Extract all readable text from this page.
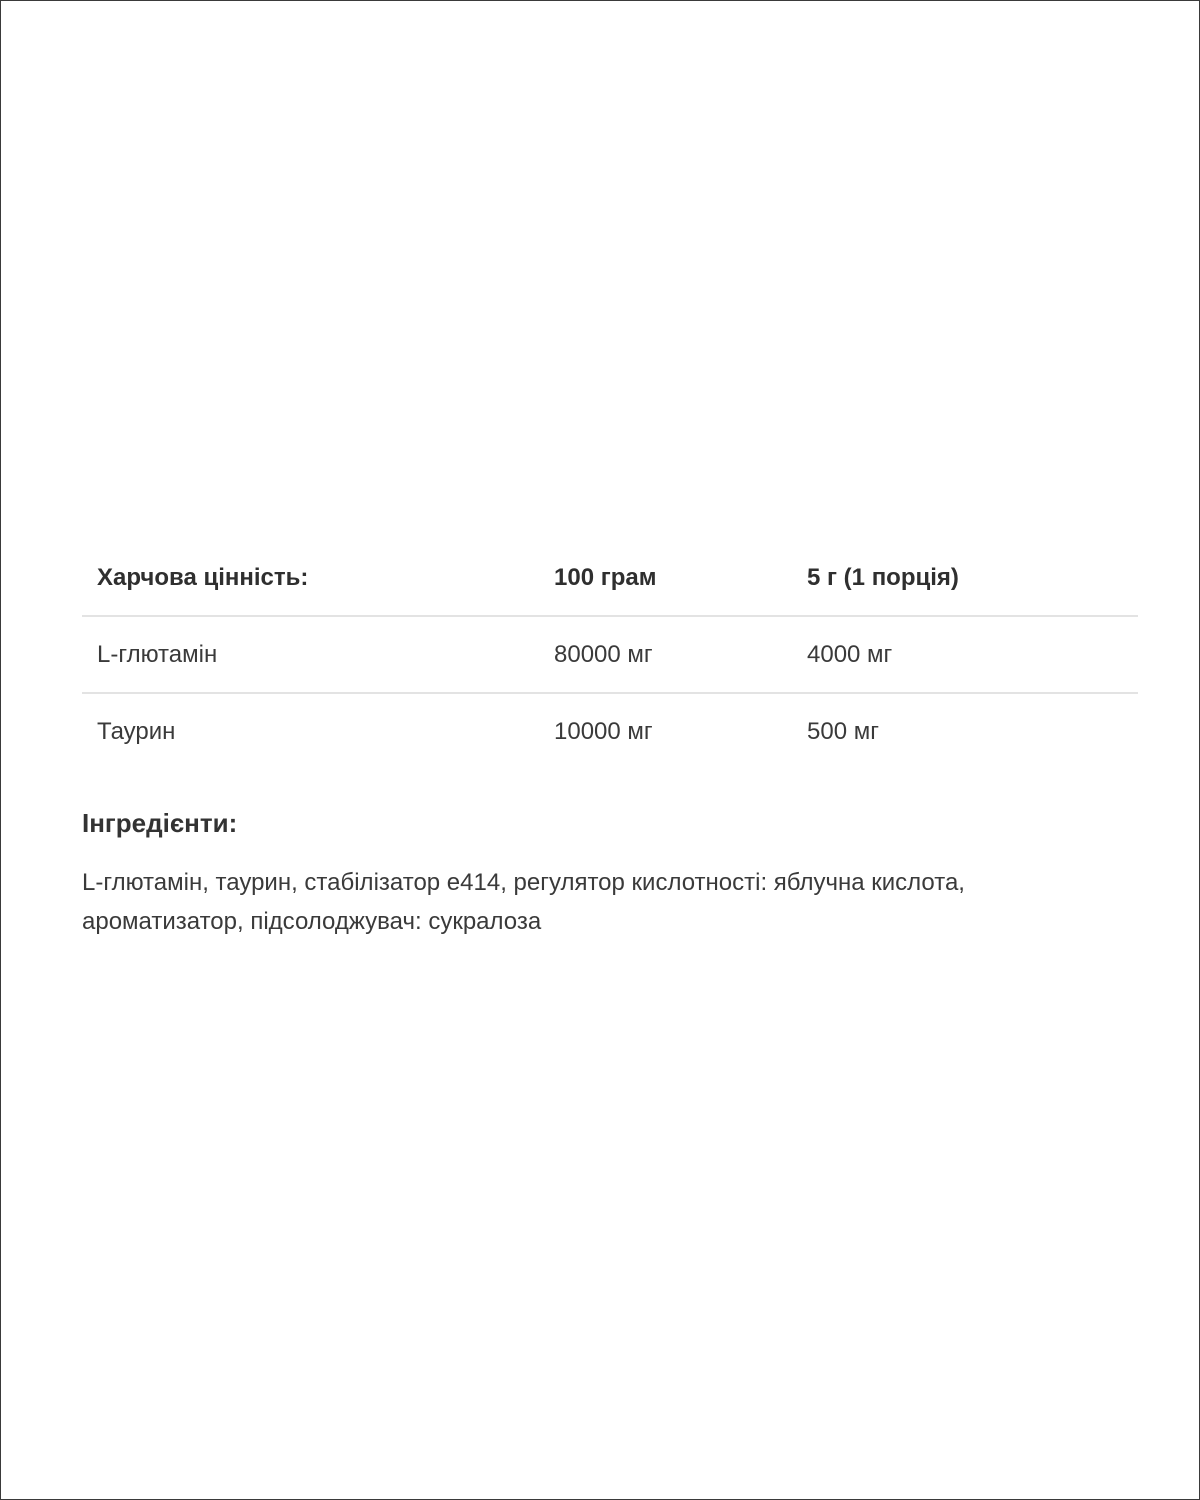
Харчова цінність:	100 грам	5 г (1 порція)
L-глютамін	80000 мг	4000 мг
Таурин	10000 мг	500 мг
Інгредієнти:
L-глютамін, таурин, стабілізатор e414, регулятор кислотності: яблучна кислота, ароматизатор, підсолоджувач: сукралоза
